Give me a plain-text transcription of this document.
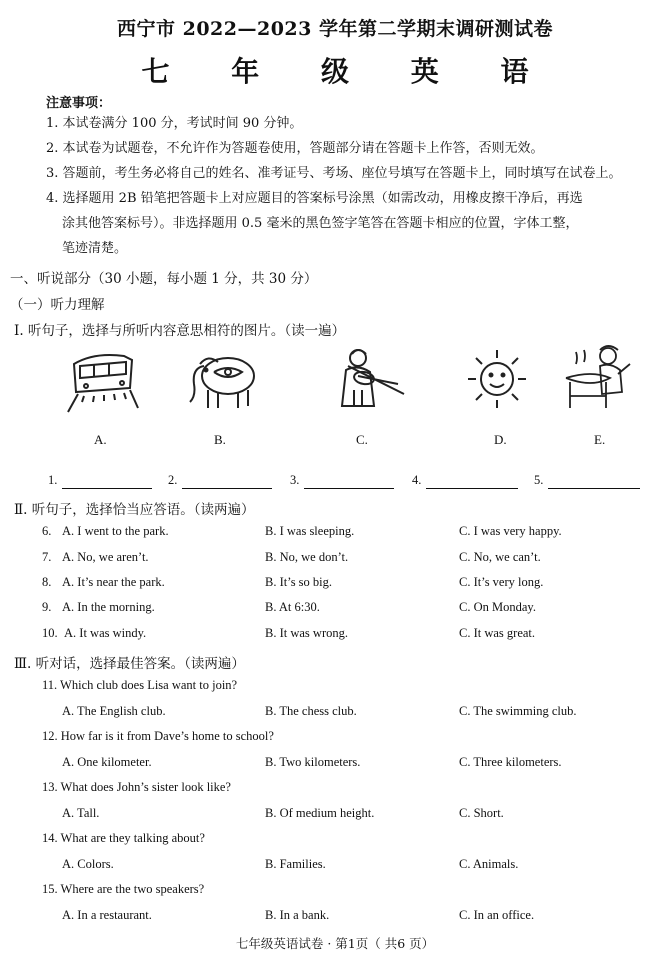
西宁市 2022—2023 学年第二学期末调研测试卷
七 年 级 英 语
注意事项：
1. 本试卷满分 100 分，考试时间 90 分钟。
2. 本试卷为试题卷，不允许作为答题卷使用，答题部分请在答题卡上作答，否则无效。
3. 答题前，考生务必将自己的姓名、准考证号、考场、座位号填写在答题卡上，同时填写在试卷上。
4. 选择题用 2B 铅笔把答题卡上对应题目的答案标号涂黑（如需改动，用橡皮擦干净后，再选
涂其他答案标号）。非选择题用 0.5 毫米的黑色签字笔答在答题卡相应的位置，字体工整，
笔迹清楚。
一、听说部分（30 小题，每小题 1 分，共 30 分）
（一）听力理解
Ⅰ. 听句子，选择与所听内容意思相符的图片。（读一遍）
A.	B.	C.	D.	E.
1.	2.	3.	4.	5.
Ⅱ. 听句子，选择恰当应答语。（读两遍）
6. A. I went to the park.	B. I was sleeping.	C. I was very happy.
7. A. No, we aren’t.	B. No, we don’t.	C. No, we can’t.
8. A. It’s near the park.	B. It’s so big.	C. It’s very long.
9. A. In the morning.	B. At 6:30.	C. On Monday.
10. A. It was windy.	B. It was wrong.	C. It was great.
Ⅲ. 听对话，选择最佳答案。（读两遍）
11. Which club does Lisa want to join?
A. The English club.	B. The chess club.	C. The swimming club.
12. How far is it from Dave’s home to school?
A. One kilometer.	B. Two kilometers.	C. Three kilometers.
13. What does John’s sister look like?
A. Tall.	B. Of medium height.	C. Short.
14. What are they talking about?
A. Colors.	B. Families.	C. Animals.
15. Where are the two speakers?
A. In a restaurant.	B. In a bank.	C. In an office.
七年级英语试卷 · 第1页（ 共6 页）
